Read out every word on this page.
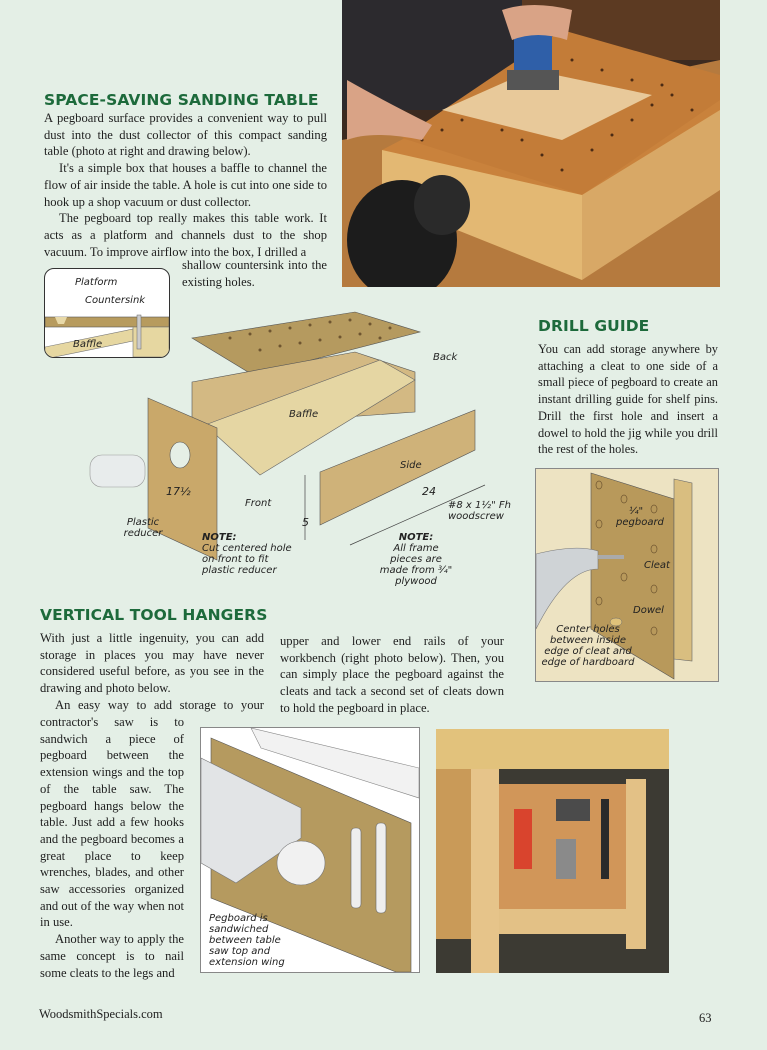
SPACE-SAVING SANDING TABLE

A pegboard surface provides a convenient way to pull dust into the dust collector of this compact sanding table (photo at right and drawing below).

It's a simple box that houses a baffle to channel the flow of air inside the table. A hole is cut into one side to hook up a shop vacuum or dust collector.

The pegboard top really makes this table work. It acts as a platform and channels dust to the shop vacuum. To improve airflow into the box, I drilled a

shallow countersink into the existing holes.
Platform
Countersink
Baffle
Back
Baffle
Side
Front
Plastic reducer
17½	24
5
#8 x 1½" Fh woodscrew
NOTE:
Cut centered hole on front to fit plastic reducer
NOTE:
All frame pieces are made from ¾" plywood
DRILL GUIDE

You can add storage anywhere by attaching a cleat to one side of a small piece of pegboard to create an instant drilling guide for shelf pins. Drill the first hole and insert a dowel to hold the jig while you drill the rest of the holes.

¼" pegboard
Cleat
Dowel
Center holes between inside edge of cleat and edge of hardboard
VERTICAL TOOL HANGERS

With just a little ingenuity, you can add storage in places you may have never considered useful before, as you see in the drawing and photo below.

An easy way to add storage to your

contractor's saw is to sandwich a piece of pegboard between the extension wings and the top of the table saw. The pegboard hangs below the table. Just add a few hooks and the pegboard becomes a great place to keep wrenches, blades, and other saw accessories organized and out of the way when not in use.

Another way to apply the same concept is to nail some cleats to the legs and

upper and lower end rails of your workbench (right photo below). Then, you can simply place the pegboard against the cleats and tack a second set of cleats down to hold the pegboard in place.

Pegboard is sandwiched between table saw top and extension wing
WoodsmithSpecials.com	63
